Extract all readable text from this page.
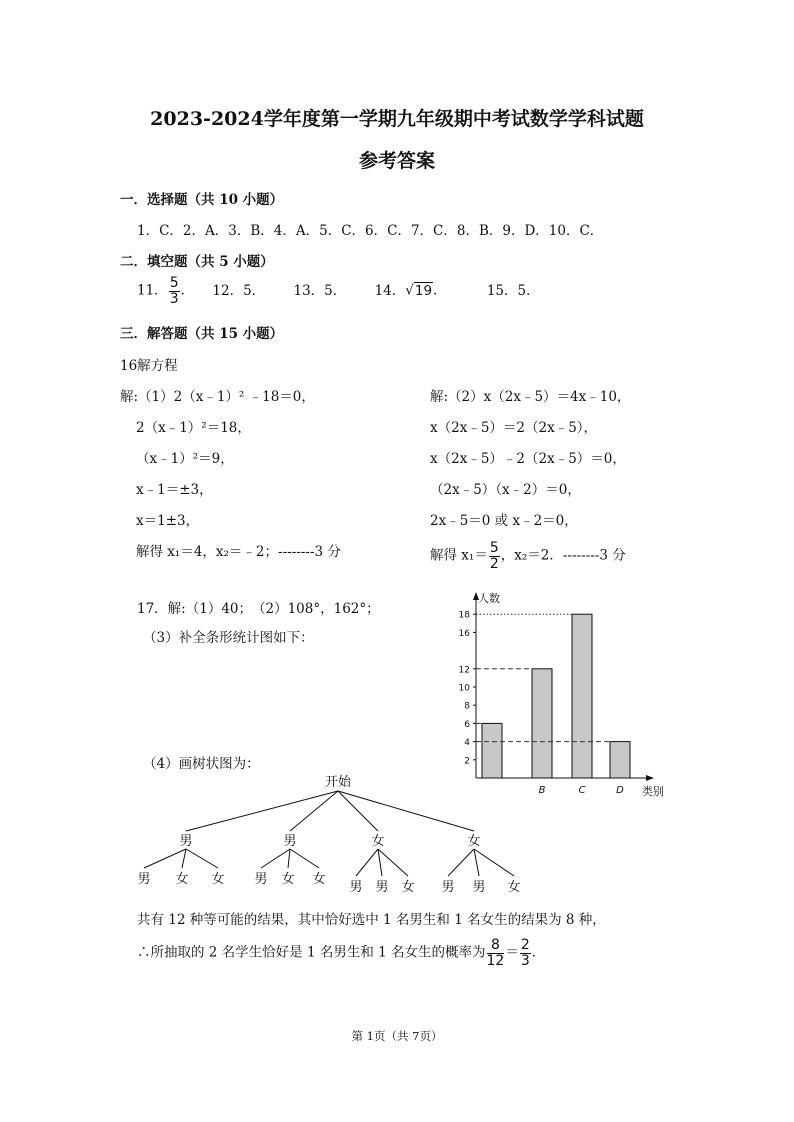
2023-2024学年度第一学期九年级期中考试数学学科试题
参考答案
一．选择题（共 10 小题）
1．C．2．A．3．B．4．A．5．C．6．C．7．C．8．B．9．D．10．C．
二．填空题（共 5 小题）
11． $\frac{5}{3}$ ． 12．5． 13．5． 14．√19．	15．5．
三．解答题（共 15 小题）
16解方程
解:（1）2（x﹣1）² ﹣18＝0，
2（x﹣1）²＝18，
（x﹣1）²＝9，
x﹣1＝±3，
x＝1±3，
解得 x₁＝4，x₂＝﹣2；--------3 分
解:（2）x（2x﹣5）＝4x﹣10，
x（2x﹣5）＝2（2x﹣5），
x（2x﹣5）﹣2（2x﹣5）＝0，
（2x﹣5）（x﹣2）＝0，
2x﹣5＝0 或 x﹣2＝0，
解得 $x_1= \frac{5}{2}$ ，x₂＝2．--------3 分
17．解:（1）40；　（2）108°，162°；
（3）补全条形统计图如下：
（4）画树状图为：
人数
类别
2
4
6
8
10
12
16
18
B	C	D
开始
男
男 女 女
男
男 女 女
女
男 男 女
女
男 男 女
共有 12 种等可能的结果，其中恰好选中 1 名男生和 1 名女生的结果为 8 种，
∴所抽取的 2 名学生恰好是 1 名男生和 1 名女生的概率为 $\frac{8}{12} = \frac{2}{3}$ ．
第 1页（共 7页）
